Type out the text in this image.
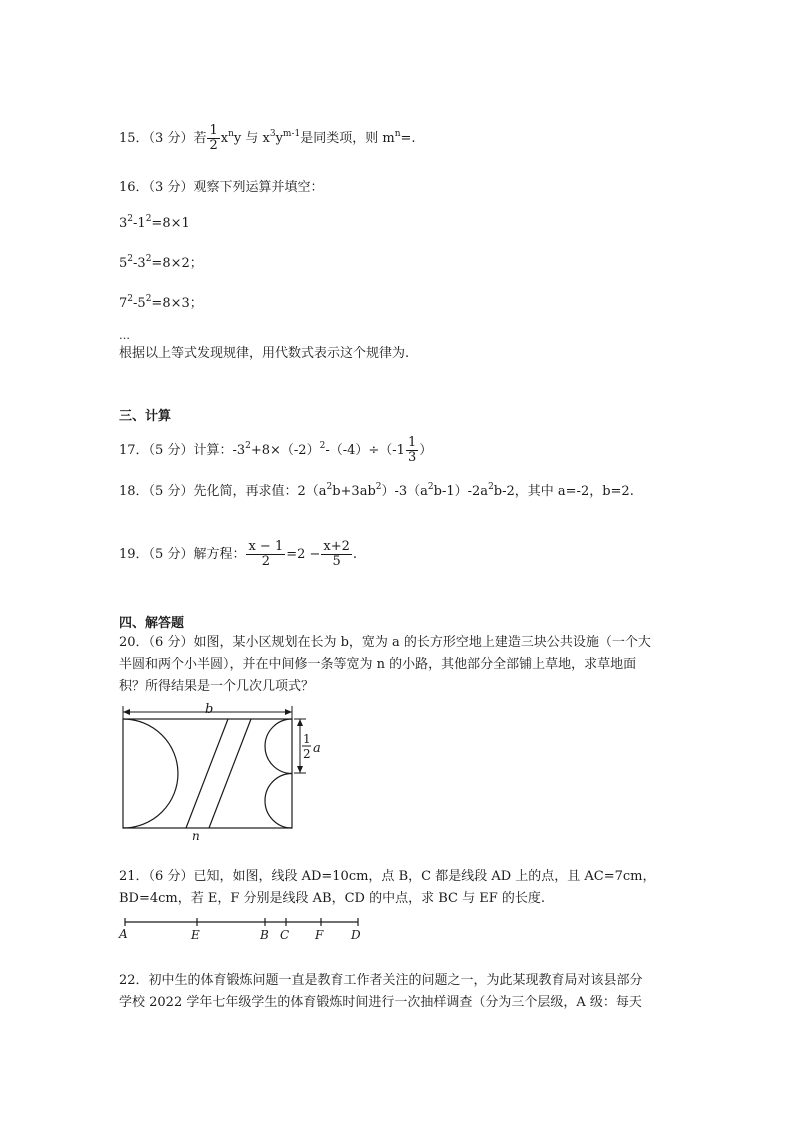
15．（3 分）若 $\frac{1}{2} x^ny$ 与 $x^3y^{m-1}$是同类项，则 $m^n=$.
16．（3 分）观察下列运算并填空：
$3^2-1^2=8\times 1$
$5^2-3^2=8\times 2$；
$7^2-5^2=8\times 3$；
…
根据以上等式发现规律，用代数式表示这个规律为.
三、计算
17．（5 分）计算：$-3^2+8\times(-2)^2-(-4)\div(-1 \frac{1}{3}$ ）
18．（5 分）先化简，再求值：$2(a^2b+3ab^2)-3(a^2b-1)-2a^2b-2$，其中 a=-2，b=2.
19．（5 分）解方程： $\frac{x - 1}{2} =2 - \frac{x+2}{5}$ .
四、解答题
20．（6 分）如图，某小区规划在长为 b，宽为 a 的长方形空地上建造三块公共设施（一个大
半圆和两个小半圆），并在中间修一条等宽为 n 的小路，其他部分全部铺上草地，求草地面
积？所得结果是一个几次几项式？
b
1
2 a
n
21．（6 分）已知，如图，线段 AD=10cm，点 B，C 都是线段 AD 上的点，且 AC=7cm，
BD=4cm，若 E，F 分别是线段 AB，CD 的中点，求 BC 与 EF 的长度.
A	E	B C F D
22．初中生的体育锻炼问题一直是教育工作者关注的问题之一，为此某现教育局对该县部分
学校 2022 学年七年级学生的体育锻炼时间进行一次抽样调查（分为三个层级，A 级：每天
